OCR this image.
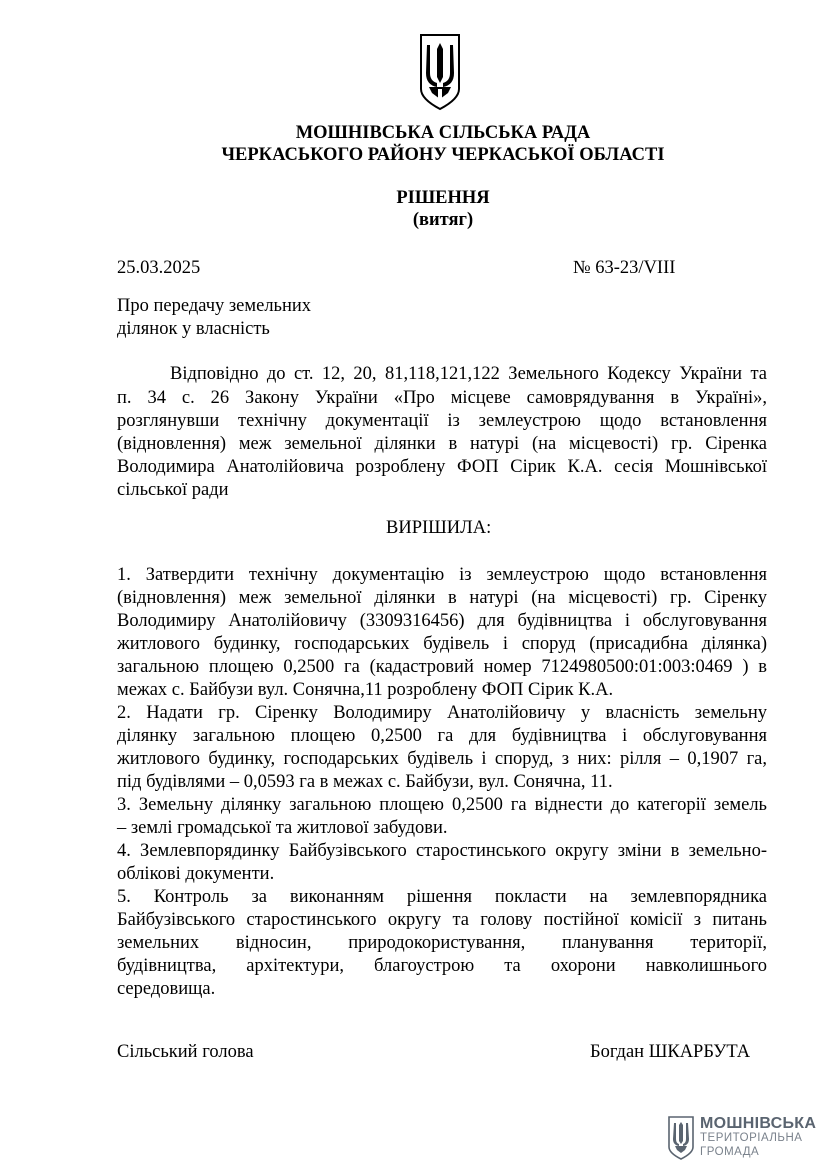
МОШНІВСЬКА СІЛЬСЬКА РАДА
ЧЕРКАСЬКОГО РАЙОНУ ЧЕРКАСЬКОЇ ОБЛАСТІ
РІШЕННЯ
(витяг)
25.03.2025	№ 63-23/VIII
Про передачу земельних
ділянок у власність
Відповідно до ст. 12, 20, 81,118,121,122 Земельного Кодексу України та
п. 34 с. 26 Закону України «Про місцеве самоврядування в Україні»,
розглянувши технічну документації із землеустрою щодо встановлення
(відновлення) меж земельної ділянки в натурі (на місцевості) гр. Сіренка
Володимира Анатолійовича розроблену ФОП Сірик К.А. сесія Мошнівської
сільської ради
ВИРІШИЛА:
1. Затвердити технічну документацію із землеустрою щодо встановлення
(відновлення) меж земельної ділянки в натурі (на місцевості) гр. Сіренку
Володимиру Анатолійовичу (3309316456) для будівництва і обслуговування
житлового будинку, господарських будівель і споруд (присадибна ділянка)
загальною площею 0,2500 га (кадастровий номер 7124980500:01:003:0469 ) в
межах с. Байбузи вул. Сонячна,11 розроблену ФОП Сірик К.А.
2. Надати гр. Сіренку Володимиру Анатолійовичу у власність земельну
ділянку загальною площею 0,2500 га для будівництва і обслуговування
житлового будинку, господарських будівель і споруд, з них: рілля – 0,1907 га,
під будівлями – 0,0593 га в межах с. Байбузи, вул. Сонячна, 11.
3. Земельну ділянку загальною площею 0,2500 га віднести до категорії земель
– землі громадської та житлової забудови.
4. Землевпорядинку Байбузівського старостинського округу зміни в земельно-
облікові документи.
5. Контроль за виконанням рішення покласти на землевпорядника
Байбузівського старостинського округу та голову постійної комісії з питань
земельних відносин, природокористування, планування території,
будівництва, архітектури, благоустрою та охорони навколишнього
середовища.
Сільський голова	Богдан ШКАРБУТА
МОШНІВСЬКА
ТЕРИТОРІАЛЬНА
ГРОМАДА
